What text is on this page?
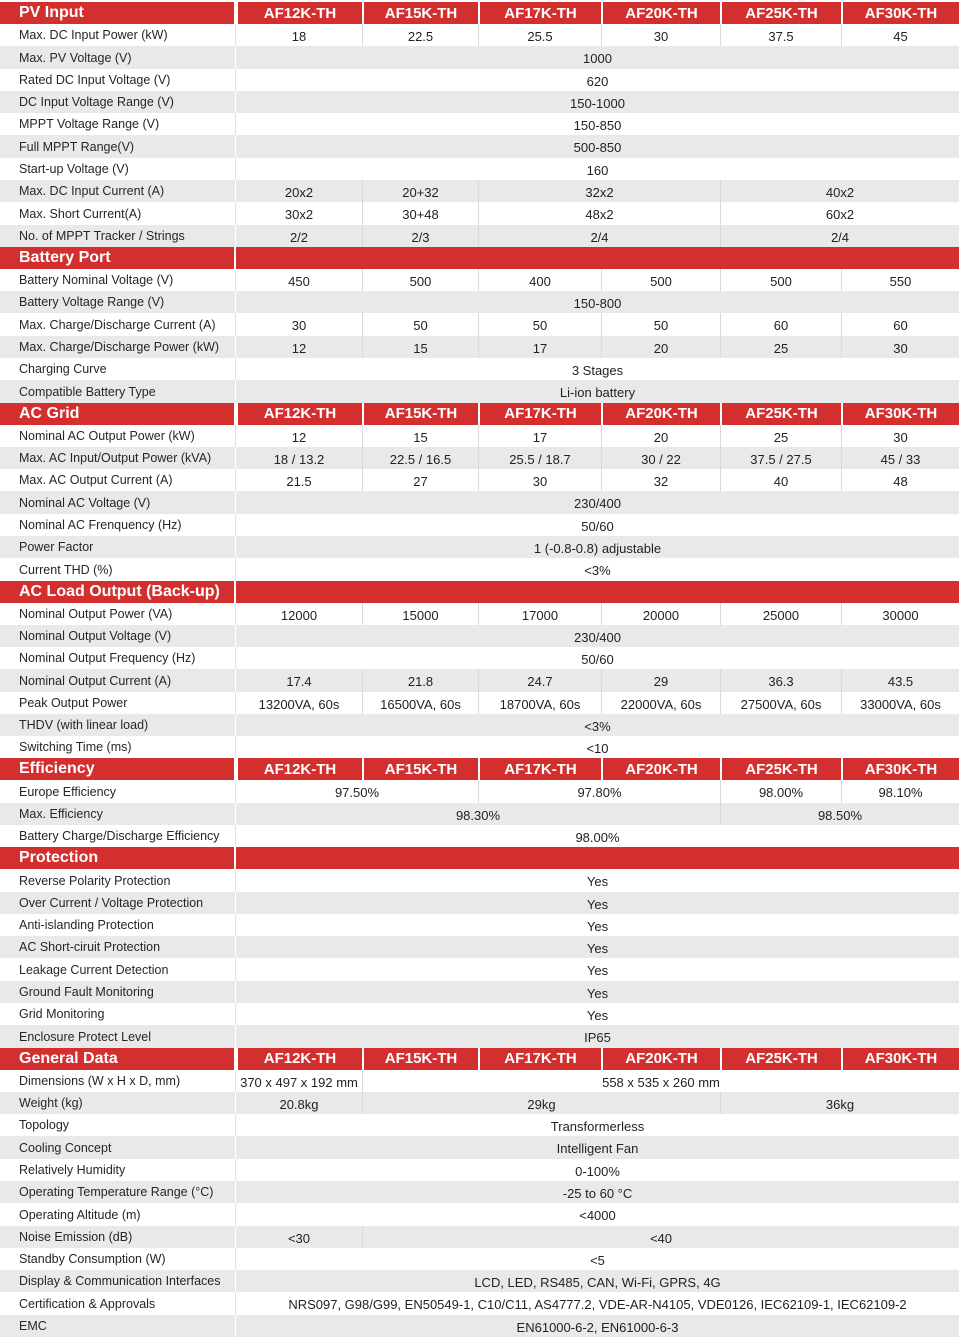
PV Input	AF12K-TH	AF15K-TH	AF17K-TH	AF20K-TH	AF25K-TH	AF30K-TH
Max. DC Input Power (kW)	18	22.5	25.5	30	37.5	45
Max. PV Voltage (V)	1000
Rated DC Input Voltage (V)	620
DC Input Voltage Range (V)	150-1000
MPPT Voltage Range (V)	150-850
Full MPPT Range(V)	500-850
Start-up Voltage (V)	160
Max. DC Input Current (A)	20x2	20+32	32x2	40x2
Max. Short Current(A)	30x2	30+48	48x2	60x2
No. of MPPT Tracker / Strings	2/2	2/3	2/4	2/4
Battery Port
Battery Nominal Voltage (V)	450	500	400	500	500	550
Battery Voltage Range (V)	150-800
Max. Charge/Discharge Current (A)	30	50	50	50	60	60
Max. Charge/Discharge Power (kW)	12	15	17	20	25	30
Charging Curve	3 Stages
Compatible Battery Type	Li-ion battery
AC Grid	AF12K-TH	AF15K-TH	AF17K-TH	AF20K-TH	AF25K-TH	AF30K-TH
Nominal AC Output Power (kW)	12	15	17	20	25	30
Max. AC Input/Output Power (kVA)	18 / 13.2	22.5 / 16.5	25.5 / 18.7	30 / 22	37.5 / 27.5	45 / 33
Max. AC Output Current (A)	21.5	27	30	32	40	48
Nominal AC Voltage (V)	230/400
Nominal AC Frenquency (Hz)	50/60
Power Factor	1 (-0.8-0.8) adjustable
Current THD (%)	<3%
AC Load Output (Back-up)
Nominal Output Power (VA)	12000	15000	17000	20000	25000	30000
Nominal Output Voltage (V)	230/400
Nominal Output Frequency (Hz)	50/60
Nominal Output Current (A)	17.4	21.8	24.7	29	36.3	43.5
Peak Output Power	13200VA, 60s	16500VA, 60s	18700VA, 60s	22000VA, 60s	27500VA, 60s	33000VA, 60s
THDV (with linear load)	<3%
Switching Time (ms)	<10
Efficiency	AF12K-TH	AF15K-TH	AF17K-TH	AF20K-TH	AF25K-TH	AF30K-TH
Europe Efficiency	97.50%	97.80%	98.00%	98.10%
Max. Efficiency	98.30%	98.50%
Battery Charge/Discharge Efficiency	98.00%
Protection
Reverse Polarity Protection	Yes
Over Current / Voltage Protection	Yes
Anti-islanding Protection	Yes
AC Short-ciruit Protection	Yes
Leakage Current Detection	Yes
Ground Fault Monitoring	Yes
Grid Monitoring	Yes
Enclosure Protect Level	IP65
General Data	AF12K-TH	AF15K-TH	AF17K-TH	AF20K-TH	AF25K-TH	AF30K-TH
Dimensions (W x H x D, mm)	370 x 497 x 192 mm	558 x 535 x 260 mm
Weight (kg)	20.8kg	29kg	36kg
Topology	Transformerless
Cooling Concept	Intelligent Fan
Relatively Humidity	0-100%
Operating Temperature Range (°C)	-25 to 60 °C
Operating Altitude (m)	<4000
Noise Emission (dB)	<30	<40
Standby Consumption (W)	<5
Display & Communication Interfaces	LCD, LED, RS485, CAN, Wi-Fi, GPRS, 4G
Certification & Approvals	NRS097, G98/G99, EN50549-1, C10/C11, AS4777.2, VDE-AR-N4105, VDE0126, IEC62109-1, IEC62109-2
EMC	EN61000-6-2, EN61000-6-3
